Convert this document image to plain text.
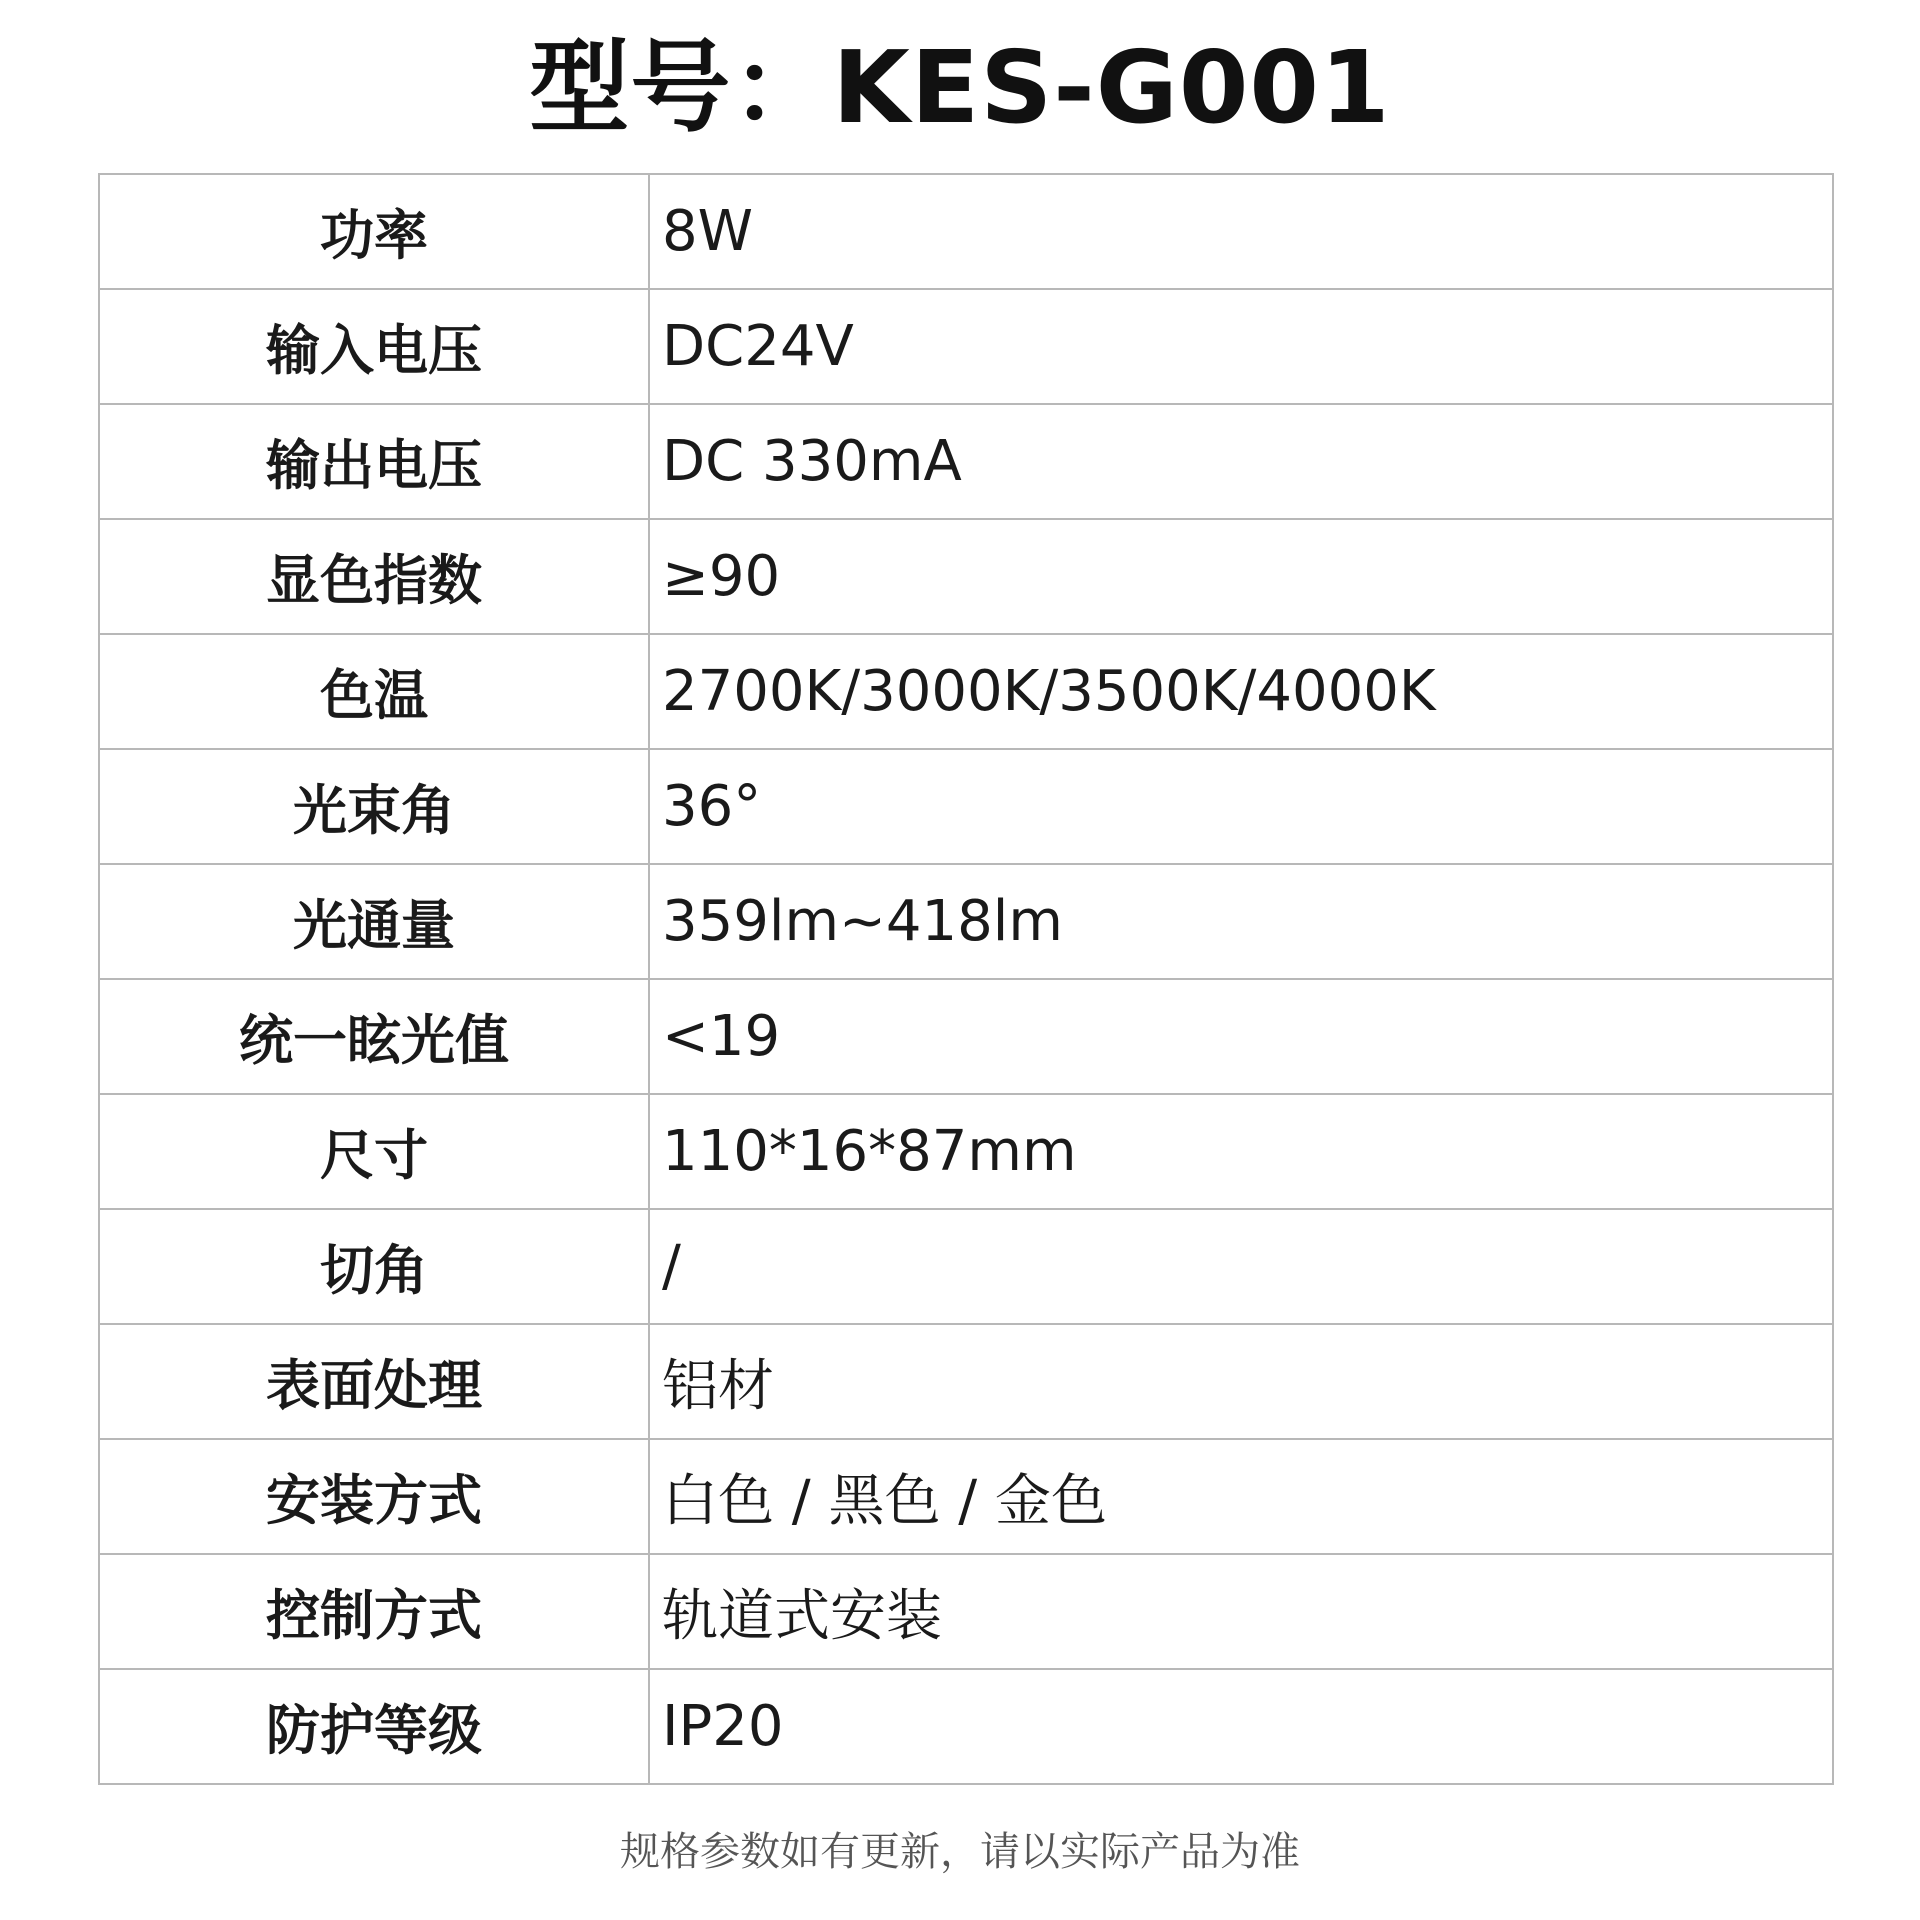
型号：KES-G001
功率	8W
输入电压	DC24V
输出电压	DC 330mA
显色指数	≥90
色温	2700K/3000K/3500K/4000K
光束角	36°
光通量	359lm~418lm
统一眩光值	<19
尺寸	110*16*87mm
切角	/
表面处理	铝材
安装方式	白色 / 黑色 / 金色
控制方式	轨道式安装
防护等级	IP20
规格参数如有更新，请以实际产品为准
